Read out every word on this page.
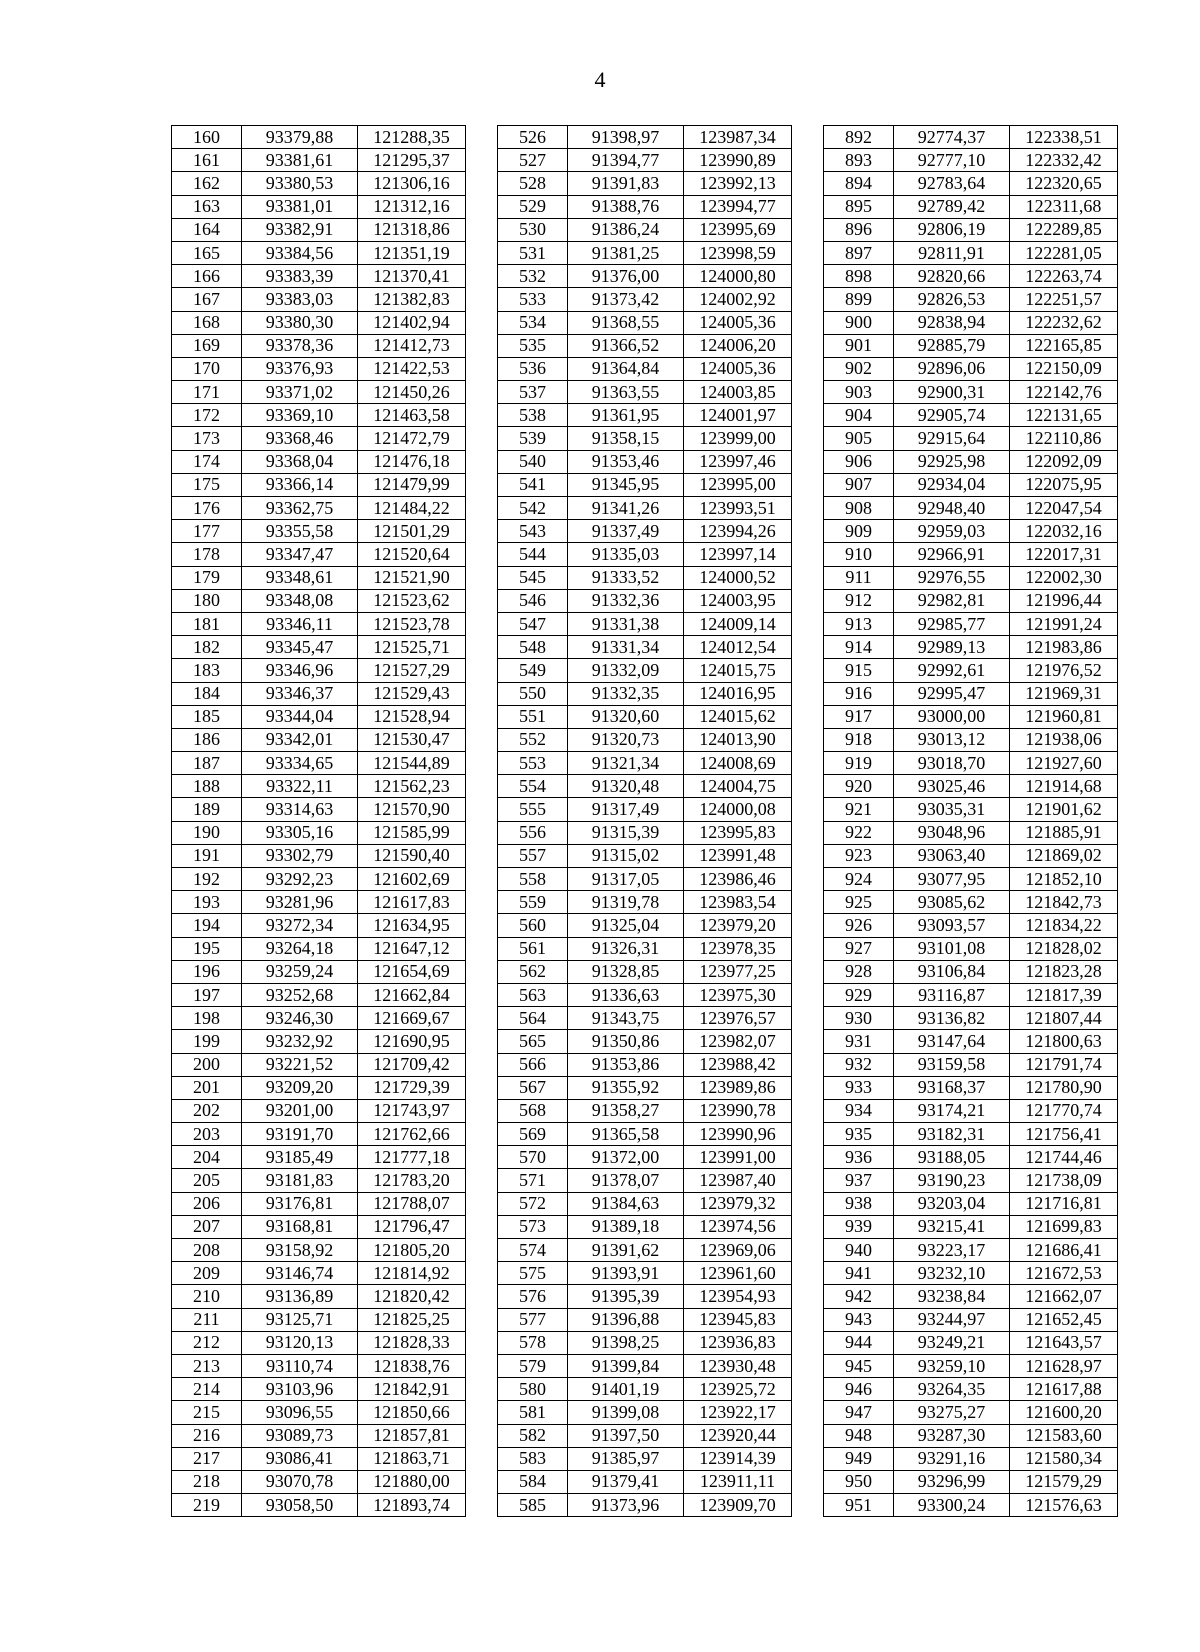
4
160	93379,88	121288,35		526	91398,97	123987,34		892	92774,37	122338,51
161	93381,61	121295,37		527	91394,77	123990,89		893	92777,10	122332,42
162	93380,53	121306,16		528	91391,83	123992,13		894	92783,64	122320,65
163	93381,01	121312,16		529	91388,76	123994,77		895	92789,42	122311,68
164	93382,91	121318,86		530	91386,24	123995,69		896	92806,19	122289,85
165	93384,56	121351,19		531	91381,25	123998,59		897	92811,91	122281,05
166	93383,39	121370,41		532	91376,00	124000,80		898	92820,66	122263,74
167	93383,03	121382,83		533	91373,42	124002,92		899	92826,53	122251,57
168	93380,30	121402,94		534	91368,55	124005,36		900	92838,94	122232,62
169	93378,36	121412,73		535	91366,52	124006,20		901	92885,79	122165,85
170	93376,93	121422,53		536	91364,84	124005,36		902	92896,06	122150,09
171	93371,02	121450,26		537	91363,55	124003,85		903	92900,31	122142,76
172	93369,10	121463,58		538	91361,95	124001,97		904	92905,74	122131,65
173	93368,46	121472,79		539	91358,15	123999,00		905	92915,64	122110,86
174	93368,04	121476,18		540	91353,46	123997,46		906	92925,98	122092,09
175	93366,14	121479,99		541	91345,95	123995,00		907	92934,04	122075,95
176	93362,75	121484,22		542	91341,26	123993,51		908	92948,40	122047,54
177	93355,58	121501,29		543	91337,49	123994,26		909	92959,03	122032,16
178	93347,47	121520,64		544	91335,03	123997,14		910	92966,91	122017,31
179	93348,61	121521,90		545	91333,52	124000,52		911	92976,55	122002,30
180	93348,08	121523,62		546	91332,36	124003,95		912	92982,81	121996,44
181	93346,11	121523,78		547	91331,38	124009,14		913	92985,77	121991,24
182	93345,47	121525,71		548	91331,34	124012,54		914	92989,13	121983,86
183	93346,96	121527,29		549	91332,09	124015,75		915	92992,61	121976,52
184	93346,37	121529,43		550	91332,35	124016,95		916	92995,47	121969,31
185	93344,04	121528,94		551	91320,60	124015,62		917	93000,00	121960,81
186	93342,01	121530,47		552	91320,73	124013,90		918	93013,12	121938,06
187	93334,65	121544,89		553	91321,34	124008,69		919	93018,70	121927,60
188	93322,11	121562,23		554	91320,48	124004,75		920	93025,46	121914,68
189	93314,63	121570,90		555	91317,49	124000,08		921	93035,31	121901,62
190	93305,16	121585,99		556	91315,39	123995,83		922	93048,96	121885,91
191	93302,79	121590,40		557	91315,02	123991,48		923	93063,40	121869,02
192	93292,23	121602,69		558	91317,05	123986,46		924	93077,95	121852,10
193	93281,96	121617,83		559	91319,78	123983,54		925	93085,62	121842,73
194	93272,34	121634,95		560	91325,04	123979,20		926	93093,57	121834,22
195	93264,18	121647,12		561	91326,31	123978,35		927	93101,08	121828,02
196	93259,24	121654,69		562	91328,85	123977,25		928	93106,84	121823,28
197	93252,68	121662,84		563	91336,63	123975,30		929	93116,87	121817,39
198	93246,30	121669,67		564	91343,75	123976,57		930	93136,82	121807,44
199	93232,92	121690,95		565	91350,86	123982,07		931	93147,64	121800,63
200	93221,52	121709,42		566	91353,86	123988,42		932	93159,58	121791,74
201	93209,20	121729,39		567	91355,92	123989,86		933	93168,37	121780,90
202	93201,00	121743,97		568	91358,27	123990,78		934	93174,21	121770,74
203	93191,70	121762,66		569	91365,58	123990,96		935	93182,31	121756,41
204	93185,49	121777,18		570	91372,00	123991,00		936	93188,05	121744,46
205	93181,83	121783,20		571	91378,07	123987,40		937	93190,23	121738,09
206	93176,81	121788,07		572	91384,63	123979,32		938	93203,04	121716,81
207	93168,81	121796,47		573	91389,18	123974,56		939	93215,41	121699,83
208	93158,92	121805,20		574	91391,62	123969,06		940	93223,17	121686,41
209	93146,74	121814,92		575	91393,91	123961,60		941	93232,10	121672,53
210	93136,89	121820,42		576	91395,39	123954,93		942	93238,84	121662,07
211	93125,71	121825,25		577	91396,88	123945,83		943	93244,97	121652,45
212	93120,13	121828,33		578	91398,25	123936,83		944	93249,21	121643,57
213	93110,74	121838,76		579	91399,84	123930,48		945	93259,10	121628,97
214	93103,96	121842,91		580	91401,19	123925,72		946	93264,35	121617,88
215	93096,55	121850,66		581	91399,08	123922,17		947	93275,27	121600,20
216	93089,73	121857,81		582	91397,50	123920,44		948	93287,30	121583,60
217	93086,41	121863,71		583	91385,97	123914,39		949	93291,16	121580,34
218	93070,78	121880,00		584	91379,41	123911,11		950	93296,99	121579,29
219	93058,50	121893,74		585	91373,96	123909,70		951	93300,24	121576,63
